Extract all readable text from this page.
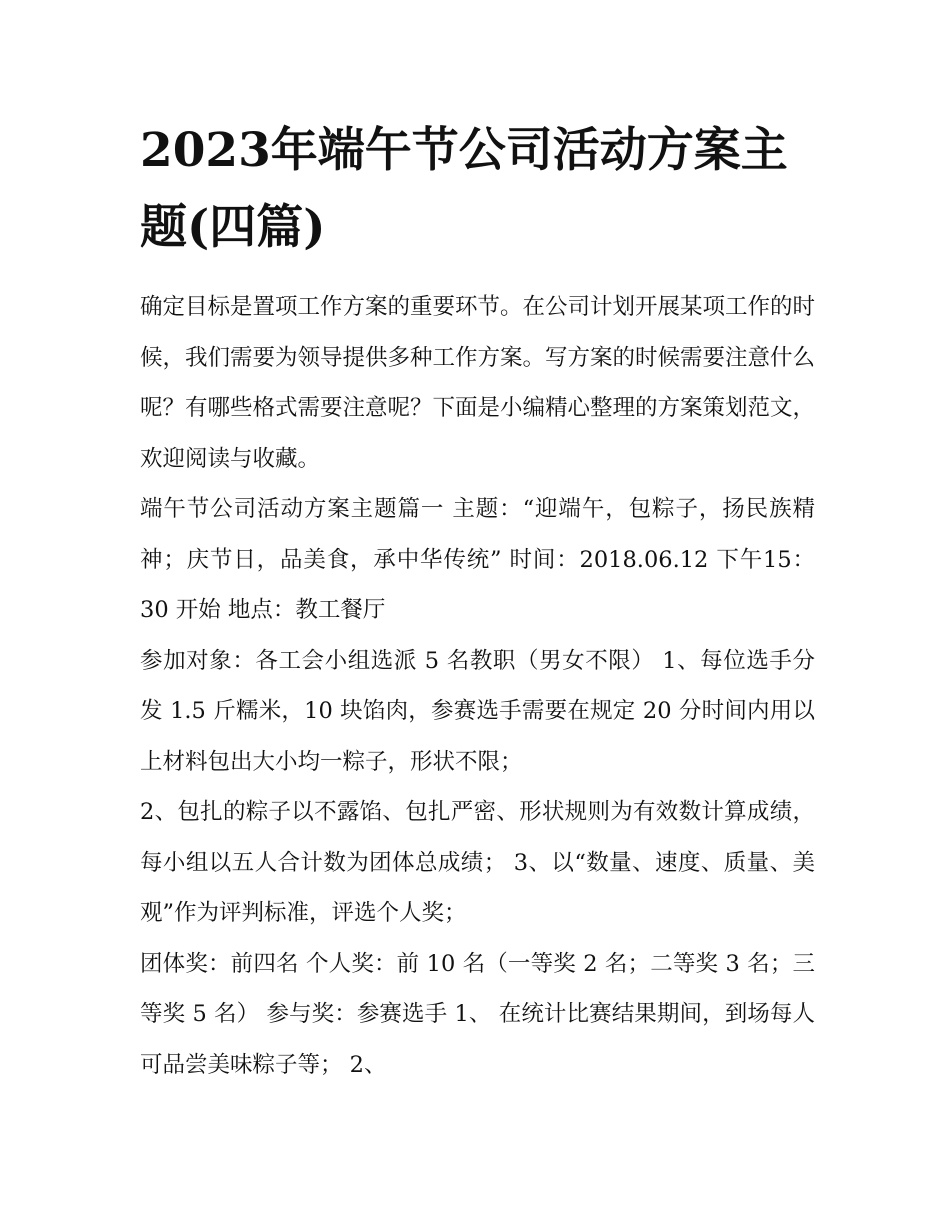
2023年端午节公司活动方案主题(四篇)

确定目标是置项工作方案的重要环节。在公司计划开展某项工作的时候，我们需要为领导提供多种工作方案。写方案的时候需要注意什么呢？有哪些格式需要注意呢？下面是小编精心整理的方案策划范文，欢迎阅读与收藏。

端午节公司活动方案主题篇一 主题：“迎端午，包粽子，扬民族精神；庆节日，品美食，承中华传统” 时间：2018.06.12 下午15：30 开始 地点：教工餐厅

参加对象：各工会小组选派 5 名教职（男女不限） 1、每位选手分发 1.5 斤糯米，10 块馅肉，参赛选手需要在规定 20 分时间内用以上材料包出大小均一粽子，形状不限；

2、包扎的粽子以不露馅、包扎严密、形状规则为有效数计算成绩，每小组以五人合计数为团体总成绩； 3、以“数量、速度、质量、美观”作为评判标准，评选个人奖；

团体奖：前四名 个人奖：前 10 名（一等奖 2 名；二等奖 3 名；三等奖 5 名） 参与奖：参赛选手 1、 在统计比赛结果期间，到场每人可品尝美味粽子等； 2、
